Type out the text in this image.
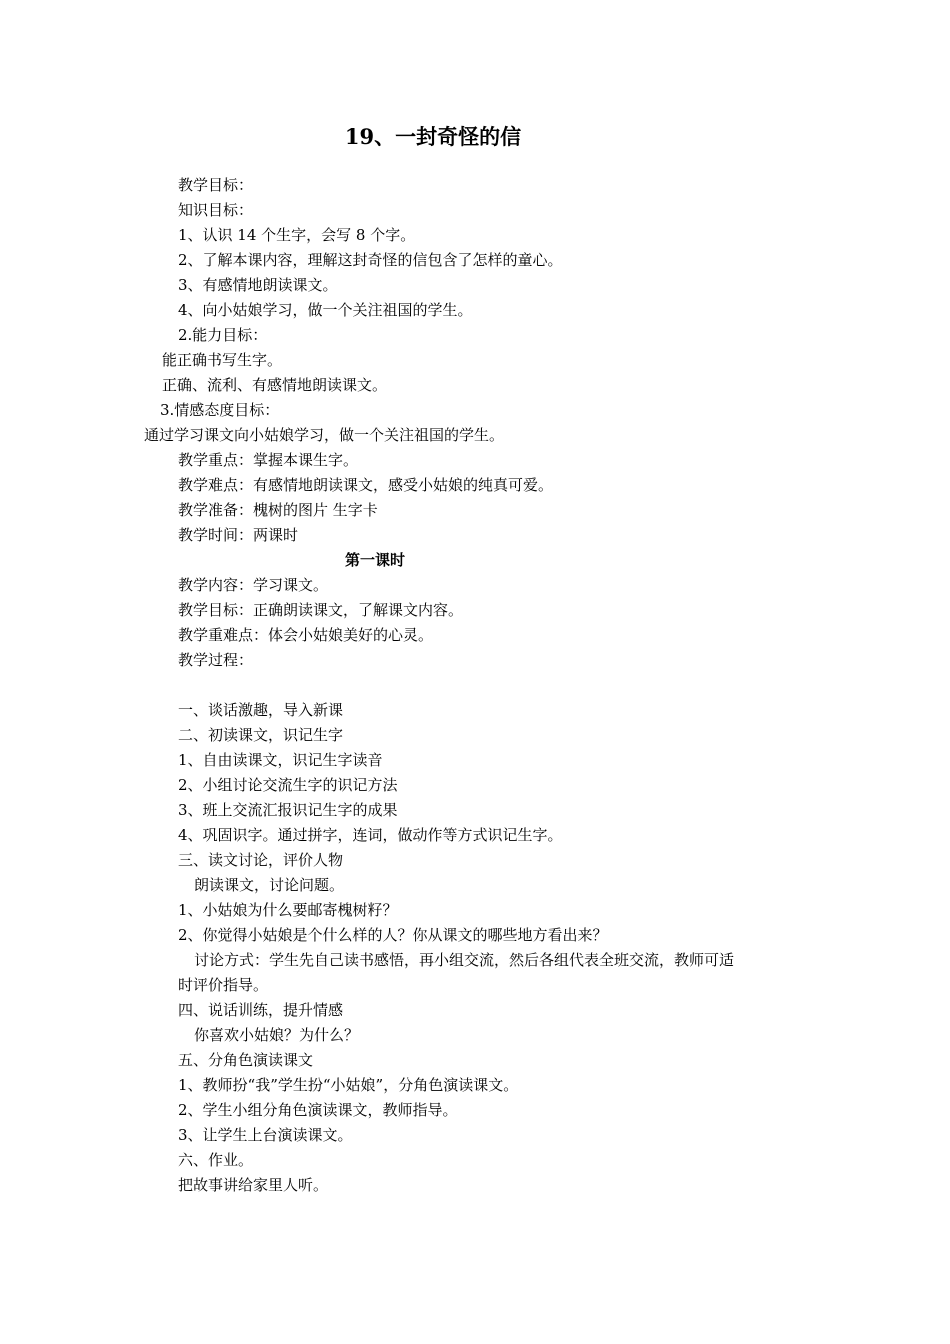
19、一封奇怪的信
教学目标：
知识目标：
1、认识 14 个生字，会写 8 个字。
2、了解本课内容，理解这封奇怪的信包含了怎样的童心。
3、有感情地朗读课文。
4、向小姑娘学习，做一个关注祖国的学生。
2.能力目标：
能正确书写生字。
正确、流利、有感情地朗读课文。
3.情感态度目标：
通过学习课文向小姑娘学习，做一个关注祖国的学生。
教学重点：掌握本课生字。
教学难点：有感情地朗读课文，感受小姑娘的纯真可爱。
教学准备：槐树的图片 生字卡
教学时间：两课时
第一课时
教学内容：学习课文。
教学目标：正确朗读课文，了解课文内容。
教学重难点：体会小姑娘美好的心灵。
教学过程：
一、谈话激趣，导入新课
二、初读课文，识记生字
1、自由读课文，识记生字读音
2、小组讨论交流生字的识记方法
3、班上交流汇报识记生字的成果
4、巩固识字。通过拼字，连词，做动作等方式识记生字。
三、读文讨论，评价人物
朗读课文，讨论问题。
1、小姑娘为什么要邮寄槐树籽？
2、你觉得小姑娘是个什么样的人？你从课文的哪些地方看出来？
讨论方式：学生先自己读书感悟，再小组交流，然后各组代表全班交流，教师可适
时评价指导。
四、说话训练，提升情感
你喜欢小姑娘？为什么？
五、分角色演读课文
1、教师扮“我”学生扮“小姑娘”，分角色演读课文。
2、学生小组分角色演读课文，教师指导。
3、让学生上台演读课文。
六、作业。
把故事讲给家里人听。
